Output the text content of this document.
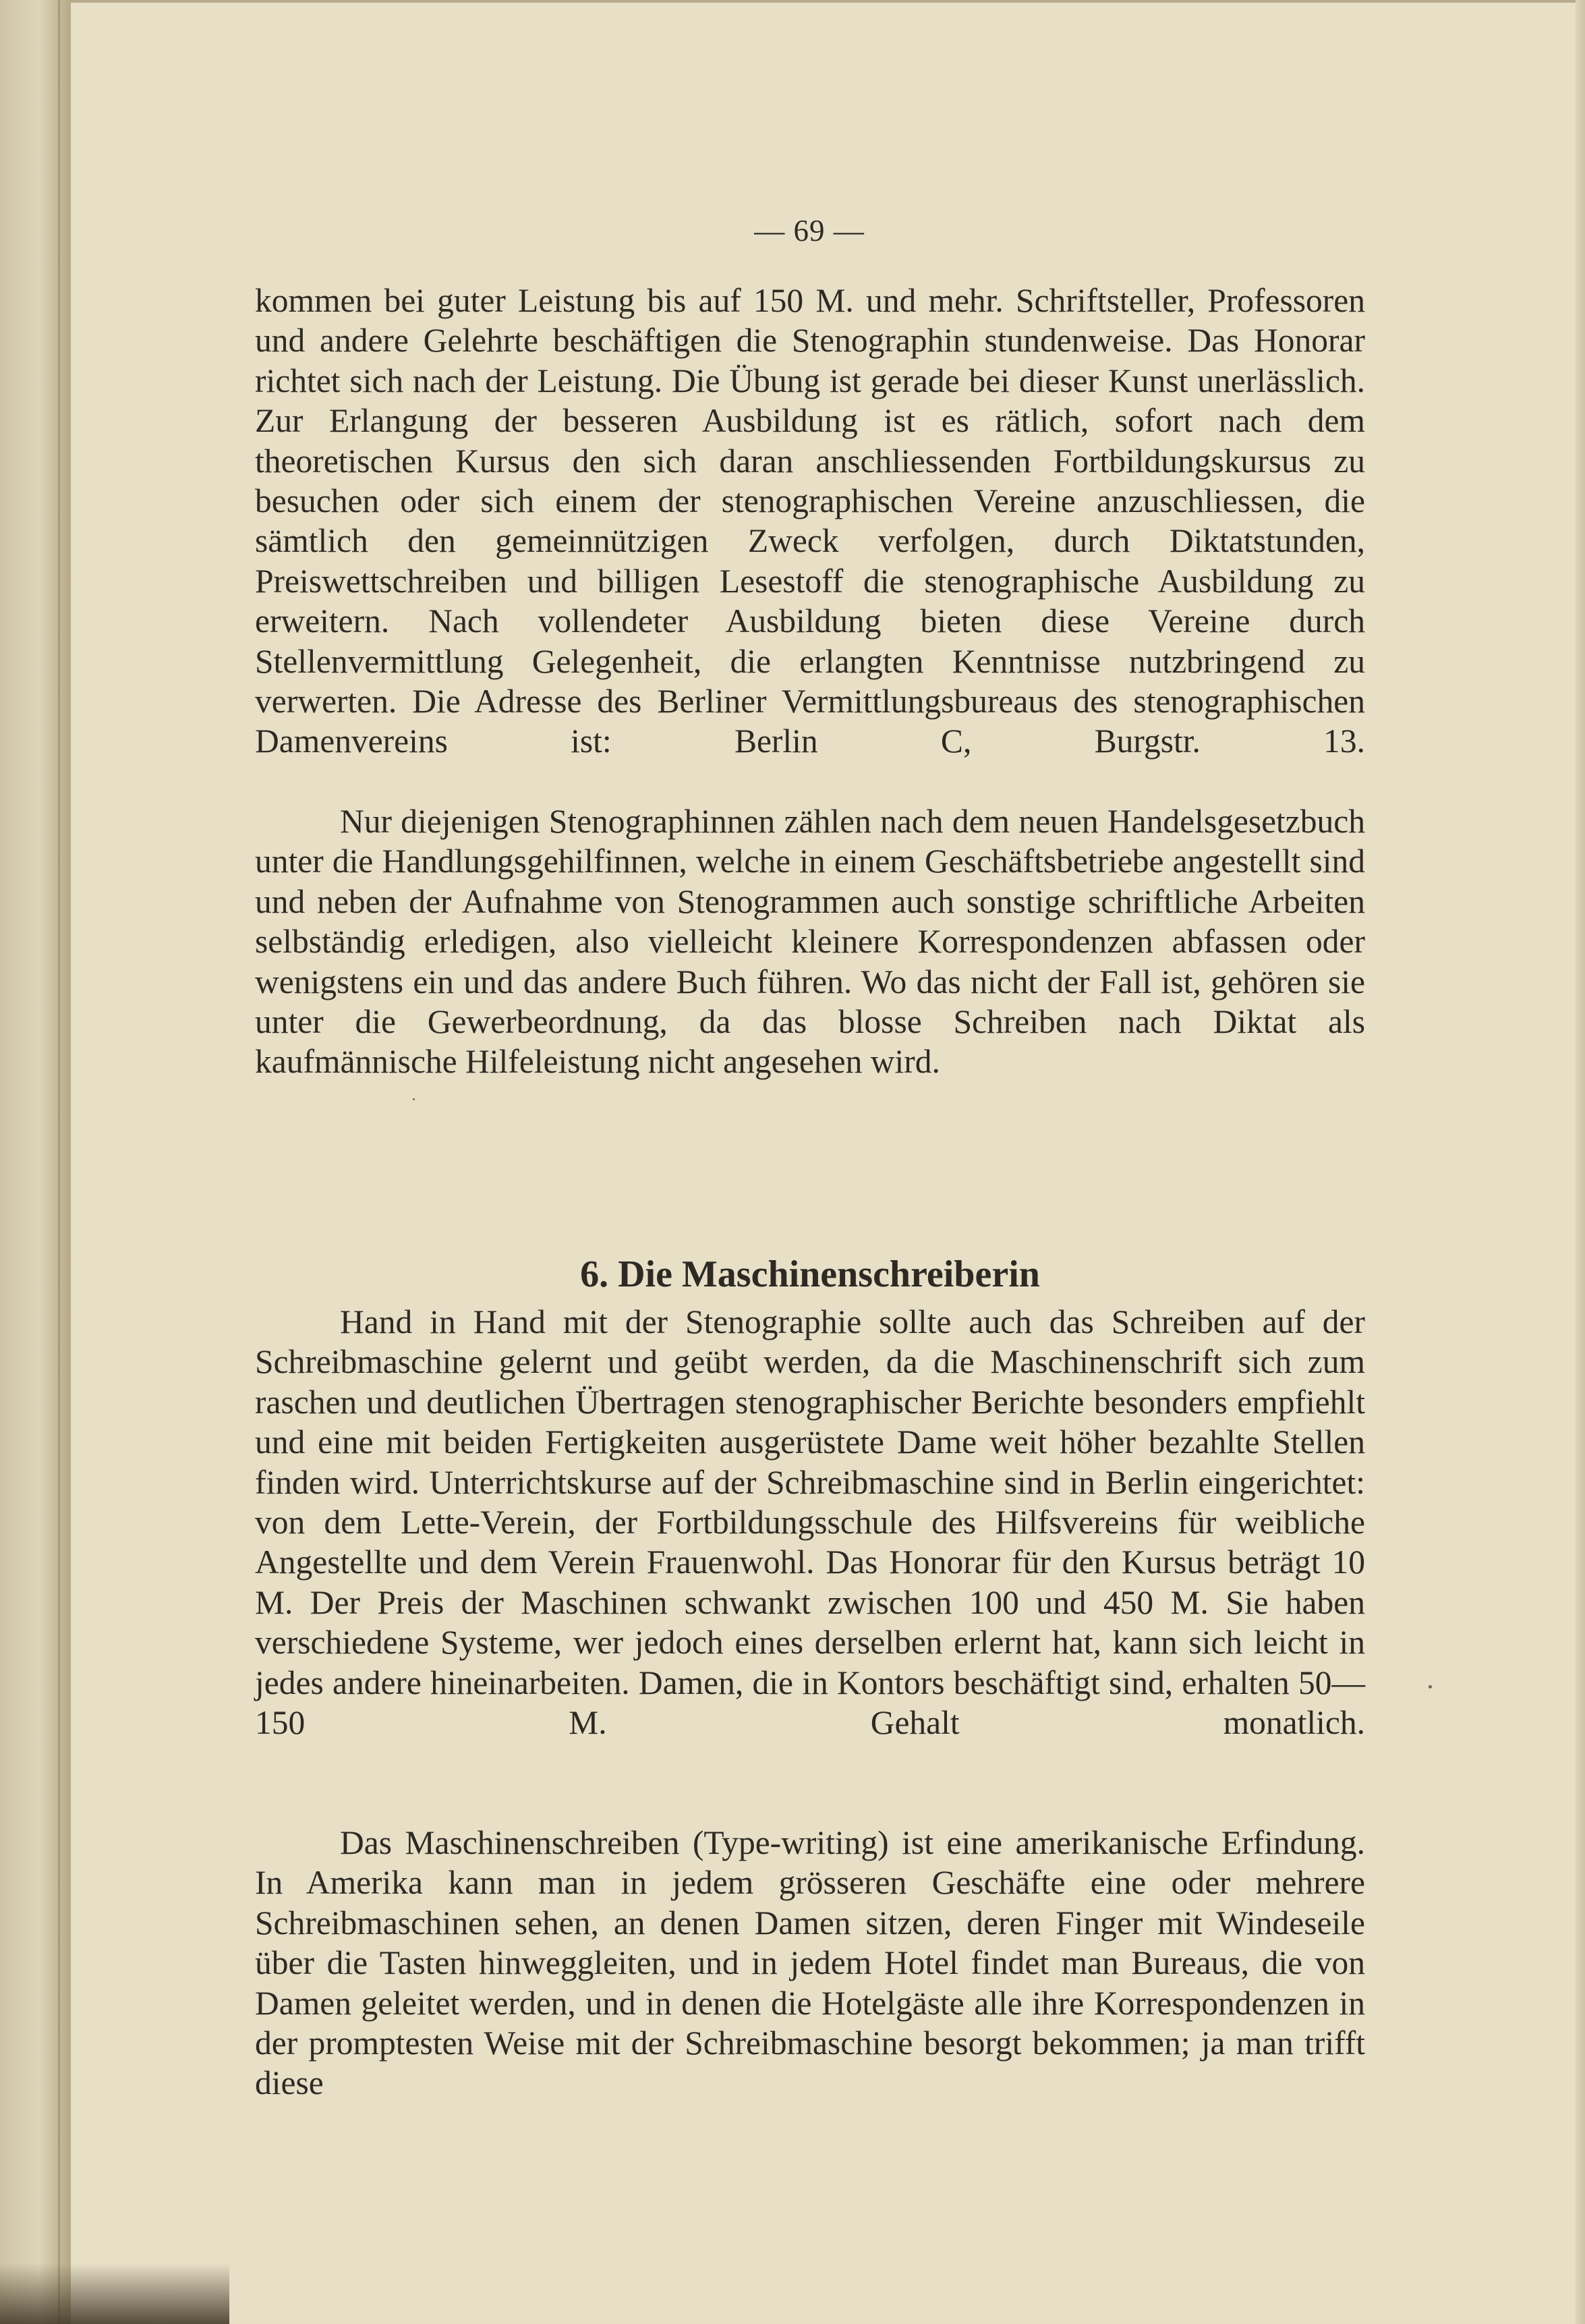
— 69 —

kommen bei guter Leistung bis auf 150 M. und mehr. Schriftsteller, Professoren und andere Gelehrte beschäftigen die Stenographin stundenweise. Das Honorar richtet sich nach der Leistung. Die Übung ist gerade bei dieser Kunst unerlässlich. Zur Erlangung der besseren Ausbildung ist es rätlich, sofort nach dem theoretischen Kursus den sich daran anschliessenden Fortbildungskursus zu besuchen oder sich einem der stenographischen Vereine anzuschliessen, die sämtlich den gemeinnützigen Zweck verfolgen, durch Diktatstunden, Preiswettschreiben und billigen Lesestoff die stenographische Ausbildung zu erweitern. Nach vollendeter Ausbildung bieten diese Vereine durch Stellenvermittlung Gelegenheit, die erlangten Kenntnisse nutzbringend zu verwerten. Die Adresse des Berliner Vermittlungsbureaus des stenographischen Damenvereins ist: Berlin C, Burgstr. 13.

Nur diejenigen Stenographinnen zählen nach dem neuen Handelsgesetzbuch unter die Handlungsgehilfinnen, welche in einem Geschäftsbetriebe angestellt sind und neben der Aufnahme von Stenogrammen auch sonstige schriftliche Arbeiten selbständig erledigen, also vielleicht kleinere Korrespondenzen abfassen oder wenigstens ein und das andere Buch führen. Wo das nicht der Fall ist, gehören sie unter die Gewerbeordnung, da das blosse Schreiben nach Diktat als kaufmännische Hilfeleistung nicht angesehen wird.

6. Die Maschinenschreiberin

Hand in Hand mit der Stenographie sollte auch das Schreiben auf der Schreibmaschine gelernt und geübt werden, da die Maschinenschrift sich zum raschen und deutlichen Übertragen stenographischer Berichte besonders empfiehlt und eine mit beiden Fertigkeiten ausgerüstete Dame weit höher bezahlte Stellen finden wird. Unterrichtskurse auf der Schreibmaschine sind in Berlin eingerichtet: von dem Lette-Verein, der Fortbildungsschule des Hilfsvereins für weibliche Angestellte und dem Verein Frauenwohl. Das Honorar für den Kursus beträgt 10 M. Der Preis der Maschinen schwankt zwischen 100 und 450 M. Sie haben verschiedene Systeme, wer jedoch eines derselben erlernt hat, kann sich leicht in jedes andere hineinarbeiten. Damen, die in Kontors beschäftigt sind, erhalten 50—150 M. Gehalt monatlich.

Das Maschinenschreiben (Type-writing) ist eine amerikanische Erfindung. In Amerika kann man in jedem grösseren Geschäfte eine oder mehrere Schreibmaschinen sehen, an denen Damen sitzen, deren Finger mit Windeseile über die Tasten hinweggleiten, und in jedem Hotel findet man Bureaus, die von Damen geleitet werden, und in denen die Hotelgäste alle ihre Korrespondenzen in der promptesten Weise mit der Schreibmaschine besorgt bekommen; ja man trifft diese
